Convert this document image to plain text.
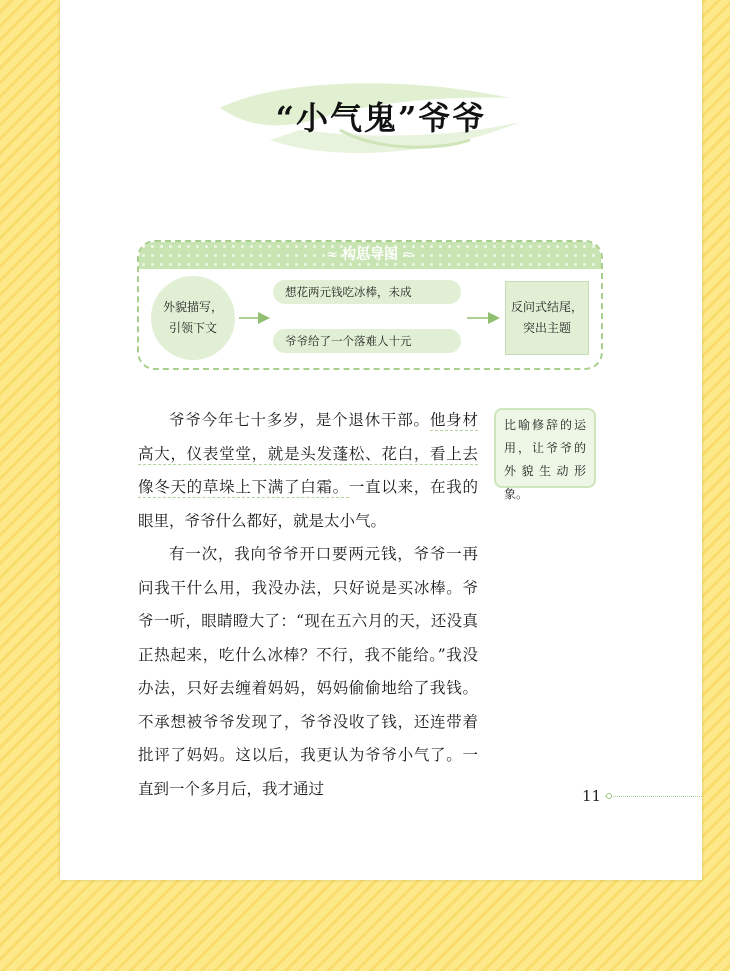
“小气鬼”爷爷
≈ 构思导图 ≈
外貌描写，
引领下文
想花两元钱吃冰棒，未成
爷爷给了一个落难人十元
反问式结尾，
突出主题

爷爷今年七十多岁，是个退休干部。他身材高大，仪表堂堂，就是头发蓬松、花白，看上去像冬天的草垛上下满了白霜。一直以来，在我的眼里，爷爷什么都好，就是太小气。

有一次，我向爷爷开口要两元钱，爷爷一再问我干什么用，我没办法，只好说是买冰棒。爷爷一听，眼睛瞪大了：“现在五六月的天，还没真正热起来，吃什么冰棒？不行，我不能给。”我没办法，只好去缠着妈妈，妈妈偷偷地给了我钱。不承想被爷爷发现了，爷爷没收了钱，还连带着批评了妈妈。这以后，我更认为爷爷小气了。一直到一个多月后，我才通过

比喻修辞的运用，让爷爷的外貌生动形象。
11
